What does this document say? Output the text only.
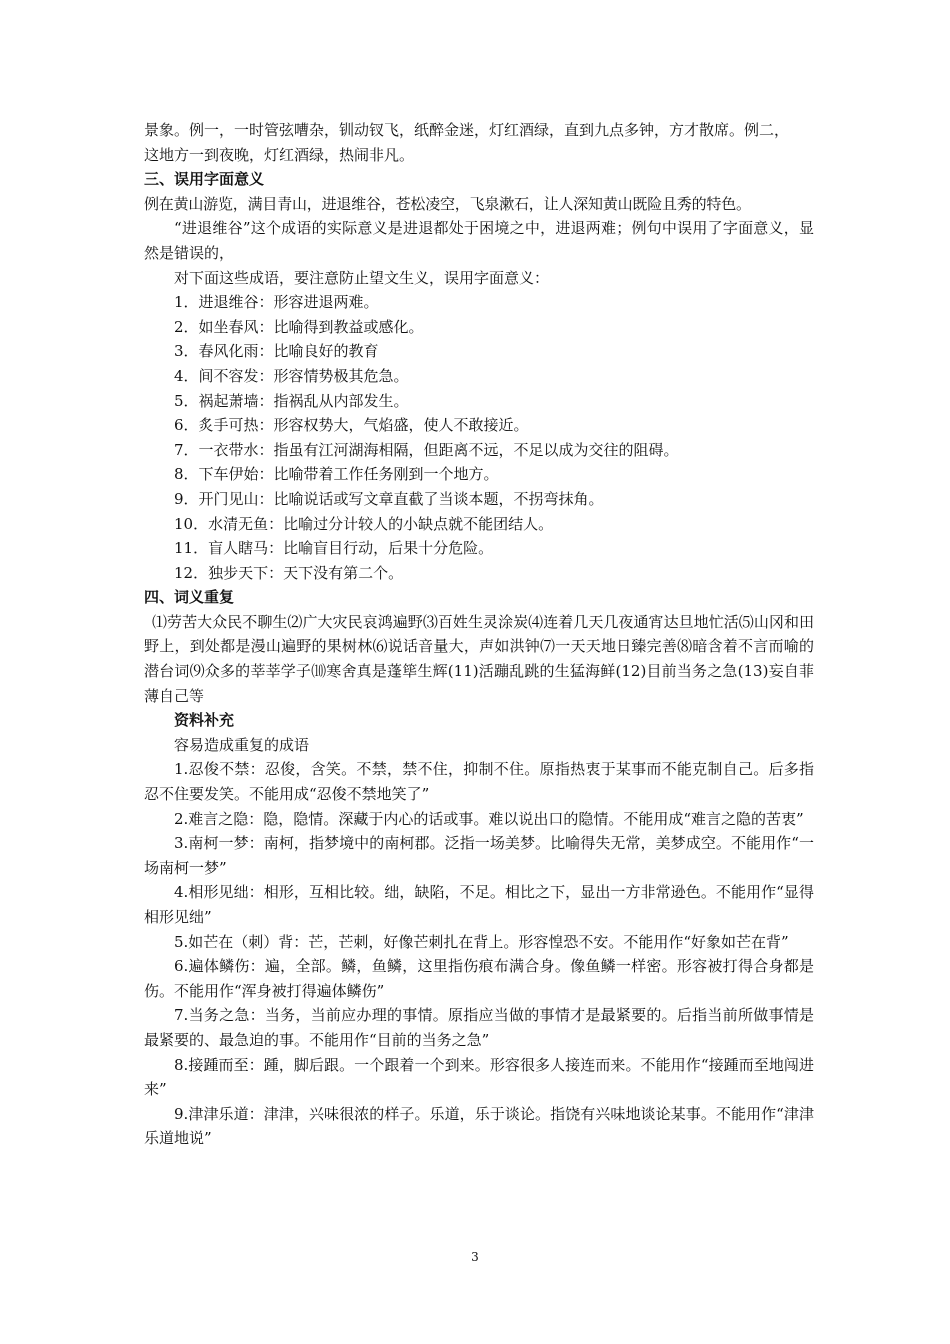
景象。例一，一时管弦嘈杂，钏动钗飞，纸醉金迷，灯红酒绿，直到九点多钟，方才散席。例二，

这地方一到夜晚，灯红酒绿，热闹非凡。

三、误用字面意义

例在黄山游览，满目青山，进退维谷，苍松凌空，飞泉漱石，让人深知黄山既险且秀的特色。

“进退维谷”这个成语的实际意义是进退都处于困境之中，进退两难；例句中误用了字面意义，显然是错误的，

对下面这些成语，要注意防止望文生义，误用字面意义：

1．进退维谷：形容进退两难。

2．如坐春风：比喻得到教益或感化。

3．春风化雨：比喻良好的教育

4．间不容发：形容情势极其危急。

5．祸起萧墙：指祸乱从内部发生。

6．炙手可热：形容权势大，气焰盛，使人不敢接近。

7．一衣带水：指虽有江河湖海相隔，但距离不远，不足以成为交往的阻碍。

8．下车伊始：比喻带着工作任务刚到一个地方。

9．开门见山：比喻说话或写文章直截了当谈本题，不拐弯抹角。

10．水清无鱼：比喻过分计较人的小缺点就不能团结人。

11．盲人瞎马：比喻盲目行动，后果十分危险。

12．独步天下：天下没有第二个。

四、词义重复

⑴劳苦大众民不聊生⑵广大灾民哀鸿遍野⑶百姓生灵涂炭⑷连着几天几夜通宵达旦地忙活⑸山冈和田野上，到处都是漫山遍野的果树林⑹说话音量大，声如洪钟⑺一天天地日臻完善⑻暗含着不言而喻的潜台词⑼众多的莘莘学子⑽寒舍真是蓬筚生辉(11)活蹦乱跳的生猛海鲜(12)目前当务之急(13)妄自菲薄自己等

资料补充

容易造成重复的成语

1.忍俊不禁：忍俊，含笑。不禁，禁不住，抑制不住。原指热衷于某事而不能克制自己。后多指忍不住要发笑。不能用成“忍俊不禁地笑了”

2.难言之隐：隐，隐情。深藏于内心的话或事。难以说出口的隐情。不能用成“难言之隐的苦衷”

3.南柯一梦：南柯，指梦境中的南柯郡。泛指一场美梦。比喻得失无常，美梦成空。不能用作“一场南柯一梦”

4.相形见绌：相形，互相比较。绌，缺陷，不足。相比之下，显出一方非常逊色。不能用作“显得相形见绌”

5.如芒在（刺）背：芒，芒刺，好像芒刺扎在背上。形容惶恐不安。不能用作“好象如芒在背”

6.遍体鳞伤：遍，全部。鳞，鱼鳞，这里指伤痕布满合身。像鱼鳞一样密。形容被打得合身都是伤。不能用作“浑身被打得遍体鳞伤”

7.当务之急：当务，当前应办理的事情。原指应当做的事情才是最紧要的。后指当前所做事情是最紧要的、最急迫的事。不能用作“目前的当务之急”

8.接踵而至：踵，脚后跟。一个跟着一个到来。形容很多人接连而来。不能用作“接踵而至地闯进来”

9.津津乐道：津津，兴味很浓的样子。乐道，乐于谈论。指饶有兴味地谈论某事。不能用作“津津乐道地说”

3
